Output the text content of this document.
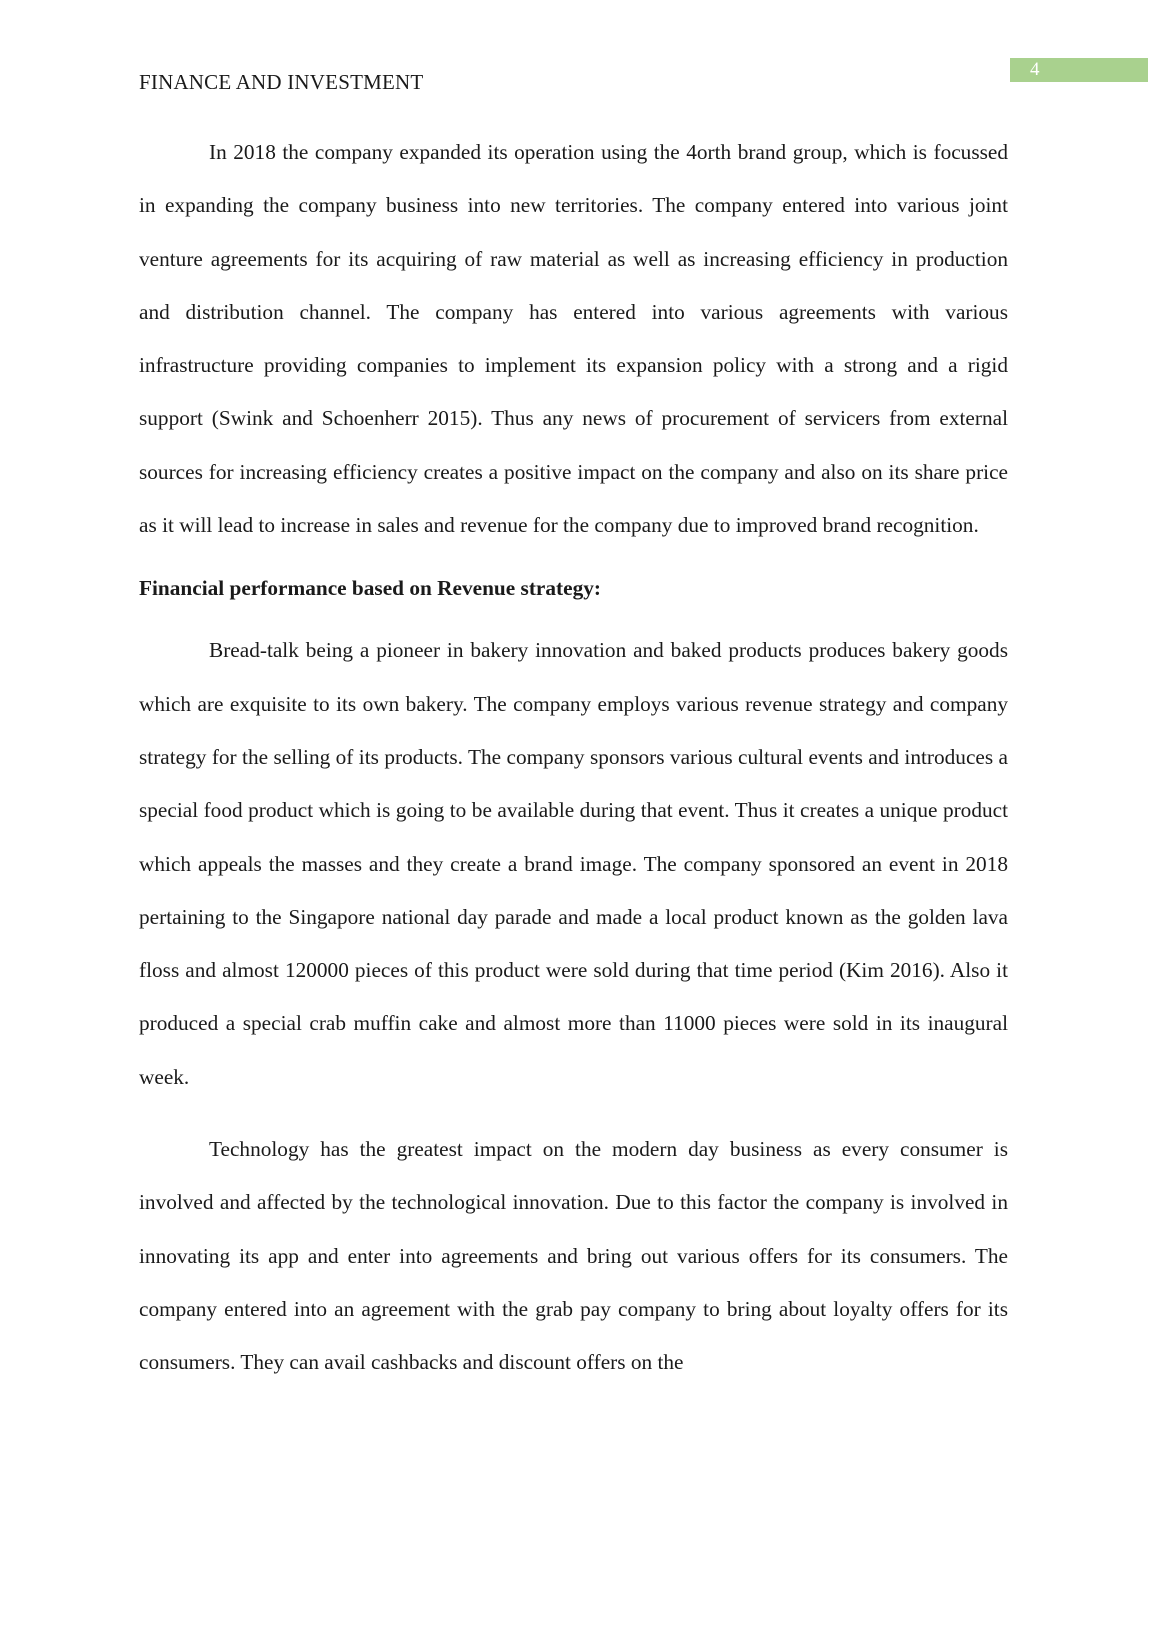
4
FINANCE AND INVESTMENT

In 2018 the company expanded its operation using the 4orth brand group, which is focussed in expanding the company business into new territories. The company entered into various joint venture agreements for its acquiring of raw material as well as increasing efficiency in production and distribution channel. The company has entered into various agreements with various infrastructure providing companies to implement its expansion policy with a strong and a rigid support (Swink and Schoenherr 2015). Thus any news of procurement of servicers from external sources for increasing efficiency creates a positive impact on the company and also on its share price as it will lead to increase in sales and revenue for the company due to improved brand recognition.

Financial performance based on Revenue strategy:

Bread-talk being a pioneer in bakery innovation and baked products produces bakery goods which are exquisite to its own bakery. The company employs various revenue strategy and company strategy for the selling of its products. The company sponsors various cultural events and introduces a special food product which is going to be available during that event. Thus it creates a unique product which appeals the masses and they create a brand image. The company sponsored an event in 2018 pertaining to the Singapore national day parade and made a local product known as the golden lava floss and almost 120000 pieces of this product were sold during that time period (Kim 2016). Also it produced a special crab muffin cake and almost more than 11000 pieces were sold in its inaugural week.

Technology has the greatest impact on the modern day business as every consumer is involved and affected by the technological innovation. Due to this factor the company is involved in innovating its app and enter into agreements and bring out various offers for its consumers. The company entered into an agreement with the grab pay company to bring about loyalty offers for its consumers. They can avail cashbacks and discount offers on the
